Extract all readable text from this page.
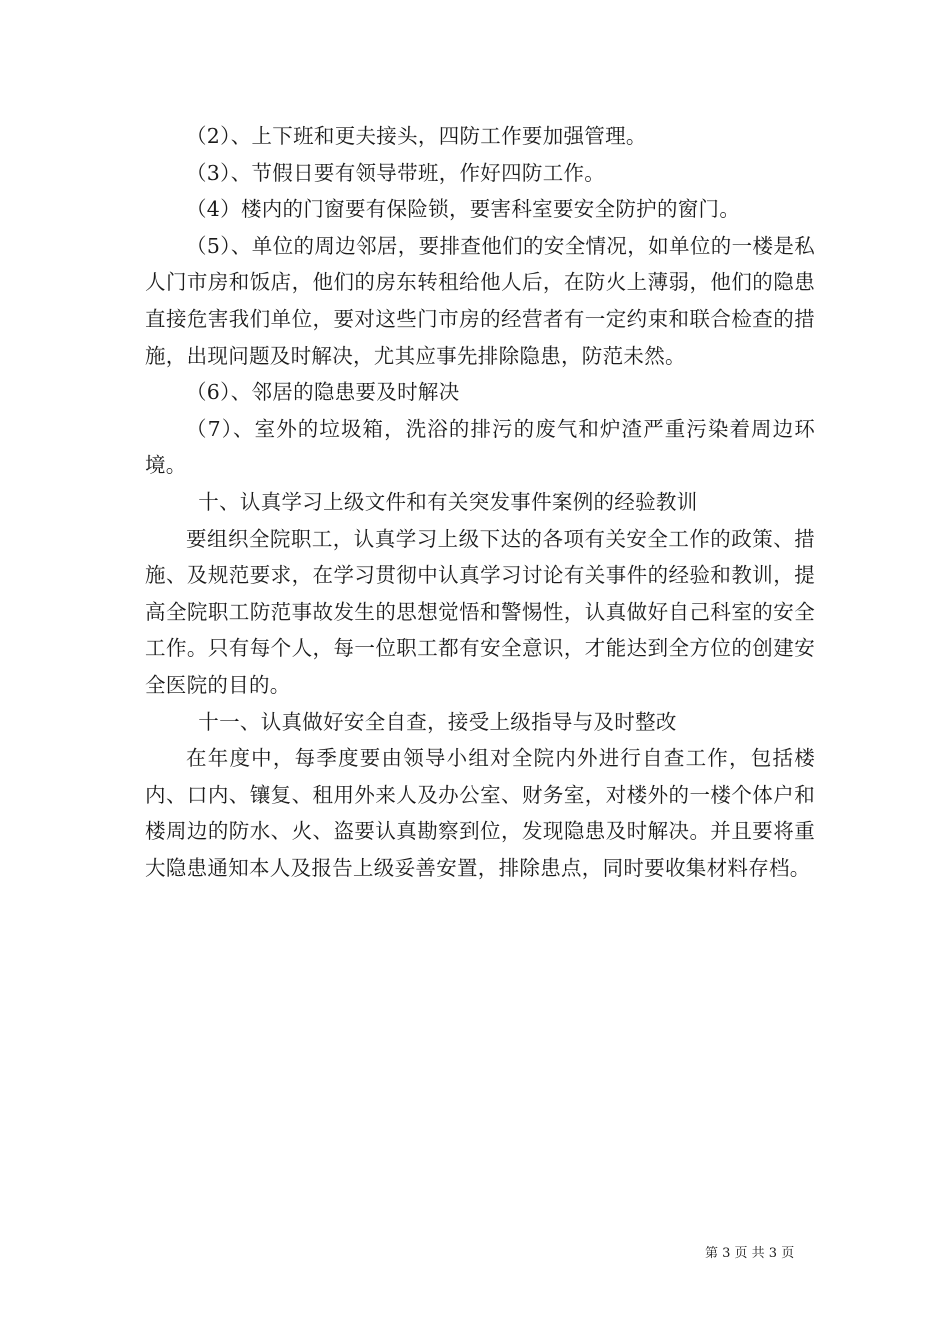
（2）、上下班和更夫接头，四防工作要加强管理。

（3）、节假日要有领导带班，作好四防工作。

（4）楼内的门窗要有保险锁，要害科室要安全防护的窗门。

（5）、单位的周边邻居，要排查他们的安全情况，如单位的一楼是私人门市房和饭店，他们的房东转租给他人后，在防火上薄弱，他们的隐患直接危害我们单位，要对这些门市房的经营者有一定约束和联合检查的措施，出现问题及时解决，尤其应事先排除隐患，防范未然。

（6）、邻居的隐患要及时解决

（7）、室外的垃圾箱，洗浴的排污的废气和炉渣严重污染着周边环境。

十、认真学习上级文件和有关突发事件案例的经验教训

要组织全院职工，认真学习上级下达的各项有关安全工作的政策、措施、及规范要求，在学习贯彻中认真学习讨论有关事件的经验和教训，提高全院职工防范事故发生的思想觉悟和警惕性，认真做好自己科室的安全工作。只有每个人，每一位职工都有安全意识，才能达到全方位的创建安全医院的目的。

十一、认真做好安全自查，接受上级指导与及时整改

在年度中，每季度要由领导小组对全院内外进行自查工作，包括楼内、口内、镶复、租用外来人及办公室、财务室，对楼外的一楼个体户和楼周边的防水、火、盗要认真勘察到位，发现隐患及时解决。并且要将重大隐患通知本人及报告上级妥善安置，排除患点，同时要收集材料存档。

第 3 页 共 3 页
